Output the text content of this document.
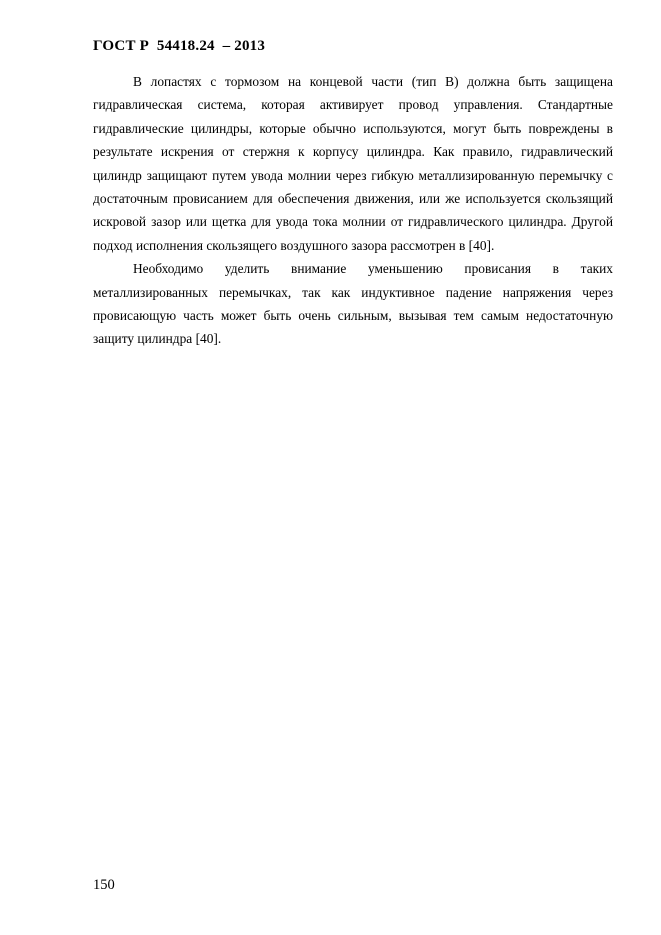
ГОСТ Р  54418.24  – 2013

В лопастях с тормозом на концевой части (тип В) должна быть защищена гидравлическая система, которая активирует провод управления. Стандартные гидравлические цилиндры, которые обычно используются, могут быть повреждены в результате искрения от стержня к корпусу цилиндра. Как правило, гидравлический цилиндр защищают путем увода молнии через гибкую металлизированную перемычку с достаточным провисанием для обеспечения движения, или же используется скользящий искровой зазор или щетка для увода тока молнии от гидравлического цилиндра. Другой подход исполнения скользящего воздушного зазора рассмотрен в [40].

Необходимо уделить внимание уменьшению провисания в таких металлизированных перемычках, так как индуктивное падение напряжения через провисающую часть может быть очень сильным, вызывая тем самым недостаточную защиту цилиндра [40].

150
